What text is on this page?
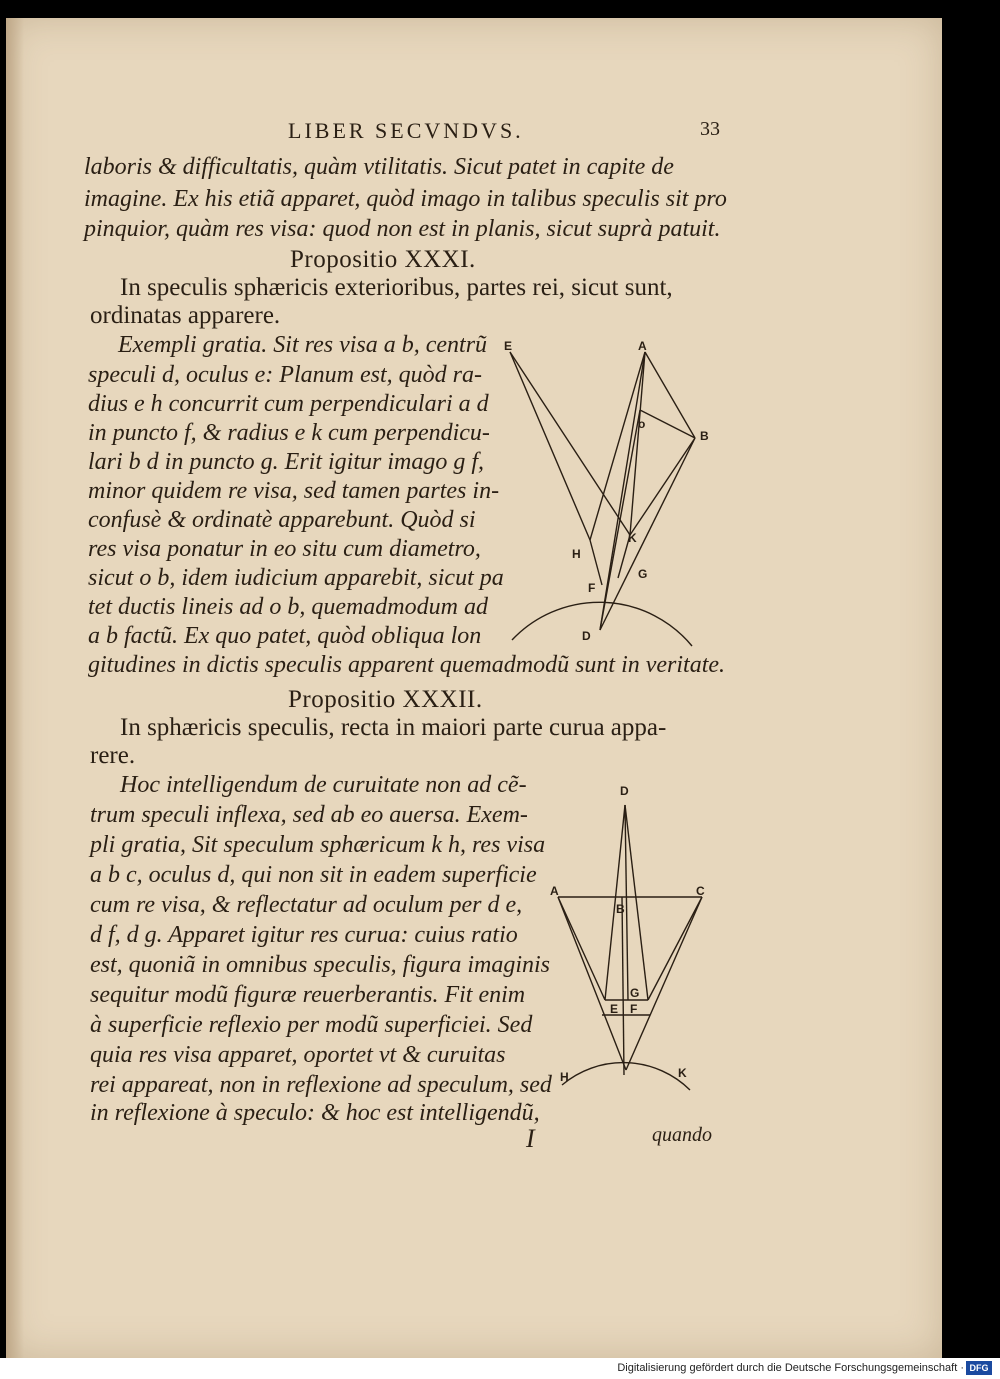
LIBER SECVNDVS.	33
laboris & difficultatis, quàm vtilitatis. Sicut patet in capite de
imagine. Ex his etiã apparet, quòd imago in talibus speculis sit pro
pinquior, quàm res visa: quod non est in planis, sicut suprà patuit.
Propositio XXXI.
In speculis sphæricis exterioribus, partes rei, sicut sunt,
ordinatas apparere.
Exempli gratia. Sit res visa a b, centrũ
speculi d, oculus e: Planum est, quòd ra-
dius e h concurrit cum perpendiculari a d
in puncto f, & radius e k cum perpendicu-
lari b d in puncto g. Erit igitur imago g f,
minor quidem re visa, sed tamen partes in-
confusè & ordinatè apparebunt. Quòd si
res visa ponatur in eo situ cum diametro,
sicut o b, idem iudicium apparebit, sicut pa
tet ductis lineis ad o b, quemadmodum ad
a b factũ. Ex quo patet, quòd obliqua lon
gitudines in dictis speculis apparent quemadmodũ sunt in veritate.
E	A
o
B
K
H
G
F
D
Propositio XXXII.
In sphæricis speculis, recta in maiori parte curua appa-
rere.
Hoc intelligendum de curuitate non ad cẽ-
trum speculi inflexa, sed ab eo auersa. Exem-
pli gratia, Sit speculum sphæricum k h, res visa
a b c, oculus d, qui non sit in eadem superficie
cum re visa, & reflectatur ad oculum per d e,
d f, d g. Apparet igitur res curua: cuius ratio
est, quoniã in omnibus speculis, figura imaginis
sequitur modũ figuræ reuerberantis. Fit enim
à superficie reflexio per modũ superficiei. Sed
quia res visa apparet, oportet vt & curuitas
rei appareat, non in reflexione ad speculum, sed
in reflexione à speculo: & hoc est intelligendũ,
D
A	C
B
G
E F
H	K
I	quando
Digitalisierung gefördert durch die Deutsche Forschungsgemeinschaft · DFG
